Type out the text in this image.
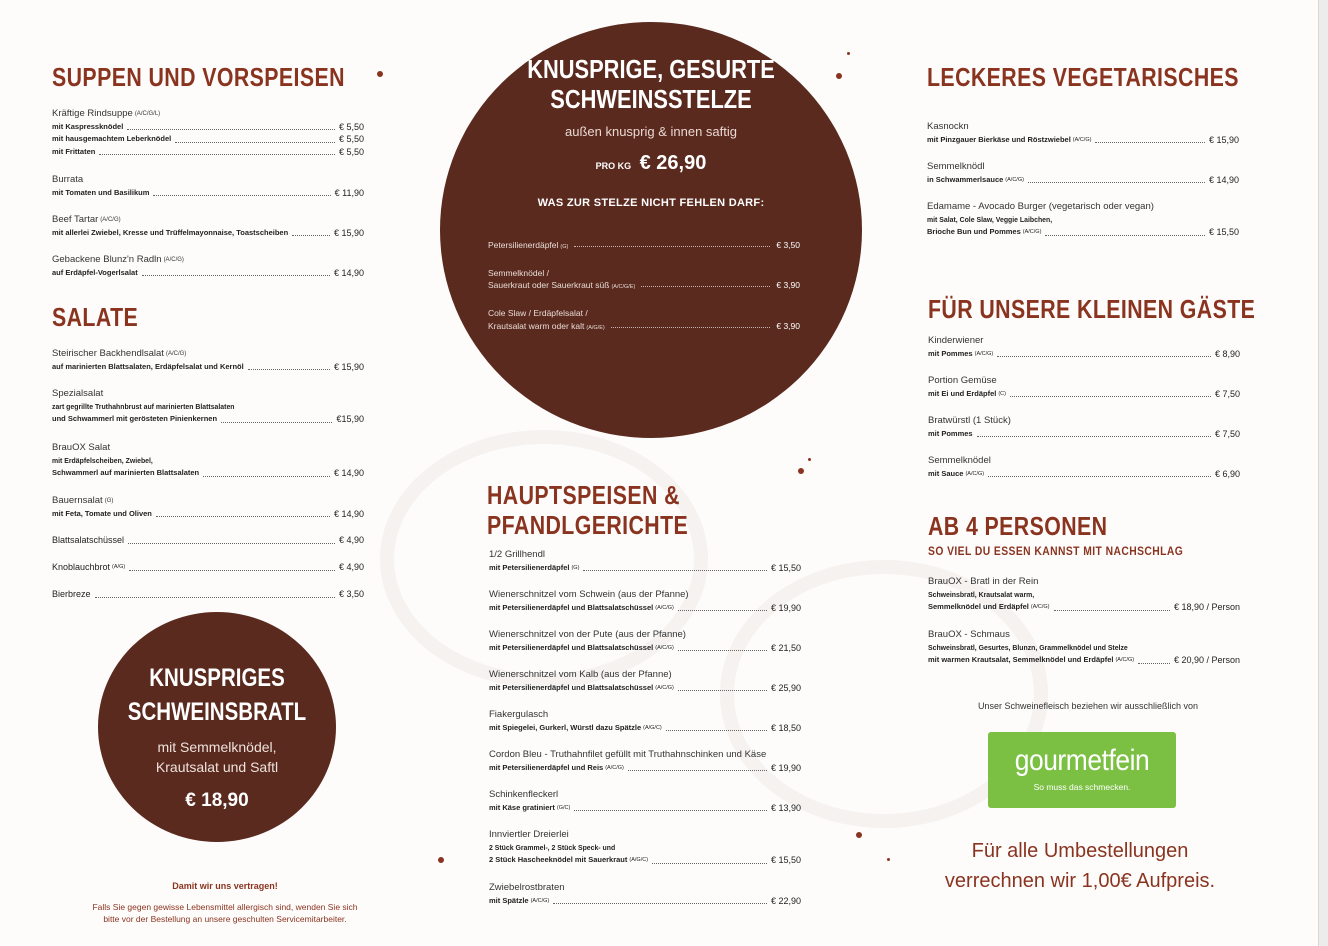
SUPPEN UND VORSPEISEN
Kräftige Rindsuppe (A/C/G/L)
mit Kaspressknödel	€ 5,50
mit hausgemachtem Leberknödel	€ 5,50
mit Frittaten	€ 5,50
Burrata
mit Tomaten und Basilikum	€ 11,90
Beef Tartar (A/C/G)
mit allerlei Zwiebel, Kresse und Trüffelmayonnaise, Toastscheiben	€ 15,90
Gebackene Blunz'n Radln (A/C/G)
auf Erdäpfel-Vogerlsalat	€ 14,90
SALATE
Steirischer Backhendlsalat (A/C/G)
auf marinierten Blattsalaten, Erdäpfelsalat und Kernöl	€ 15,90
Spezialsalat
zart gegrillte Truthahnbrust auf marinierten Blattsalaten
und Schwammerl mit gerösteten Pinienkernen	€15,90
BrauOX Salat
mit Erdäpfelscheiben, Zwiebel,
Schwammerl auf marinierten Blattsalaten	€ 14,90
Bauernsalat (G)
mit Feta, Tomate und Oliven	€ 14,90
Blattsalatschüssel	€ 4,90
Knoblauchbrot (A/G)	€ 4,90
Bierbreze	€ 3,50
KNUSPRIGES
SCHWEINSBRATL
mit Semmelknödel,
Krautsalat und Saftl
€ 18,90
Damit wir uns vertragen!
Falls Sie gegen gewisse Lebensmittel allergisch sind, wenden Sie sich
bitte vor der Bestellung an unsere geschulten Servicemitarbeiter.
KNUSPRIGE, GESURTE
SCHWEINSSTELZE
außen knusprig & innen saftig
PRO KG € 26,90
WAS ZUR STELZE NICHT FEHLEN DARF:
Petersilienerdäpfel (G)	€ 3,50
Semmelknödel /
Sauerkraut oder Sauerkraut süß (A/C/G/E)	€ 3,90
Cole Slaw / Erdäpfelsalat /
Krautsalat warm oder kalt (A/G/E)	€ 3,90
HAUPTSPEISEN &
PFANDLGERICHTE
1/2 Grillhendl
mit Petersilienerdäpfel (G)	€ 15,50
Wienerschnitzel vom Schwein (aus der Pfanne)
mit Petersilienerdäpfel und Blattsalatschüssel (A/C/G)	€ 19,90
Wienerschnitzel von der Pute (aus der Pfanne)
mit Petersilienerdäpfel und Blattsalatschüssel (A/C/G)	€ 21,50
Wienerschnitzel vom Kalb (aus der Pfanne)
mit Petersilienerdäpfel und Blattsalatschüssel (A/C/G)	€ 25,90
Fiakergulasch
mit Spiegelei, Gurkerl, Würstl dazu Spätzle (A/G/C)	€ 18,50
Cordon Bleu - Truthahnfilet gefüllt mit Truthahnschinken und Käse
mit Petersilienerdäpfel und Reis (A/C/G)	€ 19,90
Schinkenfleckerl
mit Käse gratiniert (G/C)	€ 13,90
Innviertler Dreierlei
2 Stück Grammel-, 2 Stück Speck- und
2 Stück Hascheeknödel mit Sauerkraut (A/G/C)	€ 15,50
Zwiebelrostbraten
mit Spätzle (A/C/G)	€ 22,90
LECKERES VEGETARISCHES
Kasnockn
mit Pinzgauer Bierkäse und Röstzwiebel (A/C/G)	€ 15,90
Semmelknödl
in Schwammerlsauce (A/C/G)	€ 14,90
Edamame - Avocado Burger (vegetarisch oder vegan)
mit Salat, Cole Slaw, Veggie Laibchen,
Brioche Bun und Pommes (A/C/G)	€ 15,50
FÜR UNSERE KLEINEN GÄSTE
Kinderwiener
mit Pommes (A/C/G)	€ 8,90
Portion Gemüse
mit Ei und Erdäpfel (C)	€ 7,50
Bratwürstl (1 Stück)
mit Pommes	€ 7,50
Semmelknödel
mit Sauce (A/C/G)	€ 6,90
AB 4 PERSONEN
SO VIEL DU ESSEN KANNST MIT NACHSCHLAG
BrauOX - Bratl in der Rein
Schweinsbratl, Krautsalat warm,
Semmelknödel und Erdäpfel (A/C/G)	€ 18,90 / Person
BrauOX - Schmaus
Schweinsbratl, Gesurtes, Blunzn, Grammelknödel und Stelze
mit warmen Krautsalat, Semmelknödel und Erdäpfel (A/C/G)	€ 20,90 / Person
Unser Schweinefleisch beziehen wir ausschließlich von
gourmetfein
So muss das schmecken.
Für alle Umbestellungen
verrechnen wir 1,00€ Aufpreis.
